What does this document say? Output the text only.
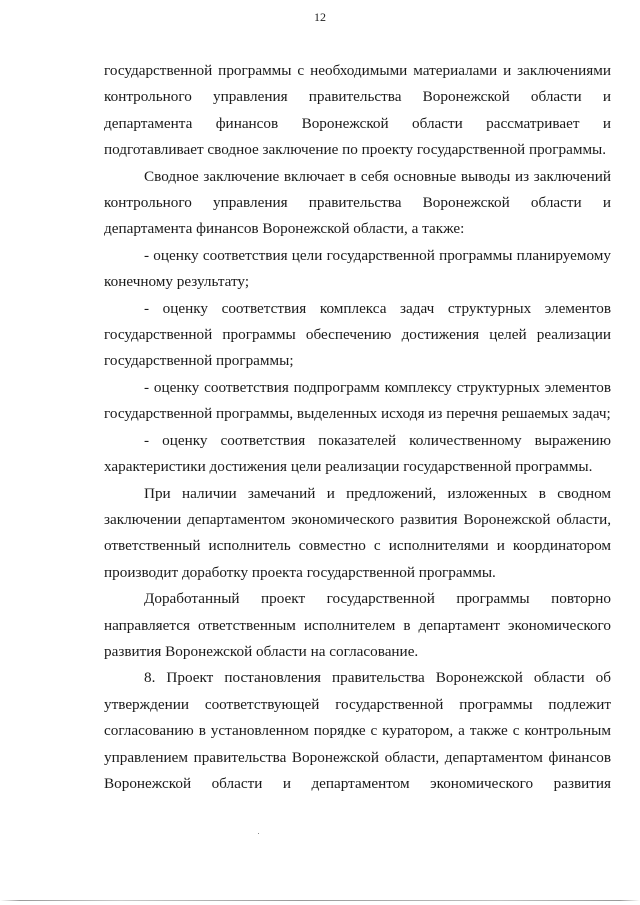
12

государственной программы с необходимыми материалами и заключениями контрольного управления правительства Воронежской области и департамента финансов Воронежской области рассматривает и подготавливает сводное заключение по проекту государственной программы.

Сводное заключение включает в себя основные выводы из заключений контрольного управления правительства Воронежской области и департамента финансов Воронежской области, а также:

- оценку соответствия цели государственной программы планируемому конечному результату;

- оценку соответствия комплекса задач структурных элементов государственной программы обеспечению достижения целей реализации государственной программы;

- оценку соответствия подпрограмм комплексу структурных элементов государственной программы, выделенных исходя из перечня решаемых задач;

- оценку соответствия показателей количественному выражению характеристики достижения цели реализации государственной программы.

При наличии замечаний и предложений, изложенных в сводном заключении департаментом экономического развития Воронежской области, ответственный исполнитель совместно с исполнителями и координатором производит доработку проекта государственной программы.

Доработанный проект государственной программы повторно направляется ответственным исполнителем в департамент экономического развития Воронежской области на согласование.

8. Проект постановления правительства Воронежской области об утверждении соответствующей государственной программы подлежит согласованию в установленном порядке с куратором, а также с контрольным управлением правительства Воронежской области, департаментом финансов Воронежской области и департаментом экономического развития
